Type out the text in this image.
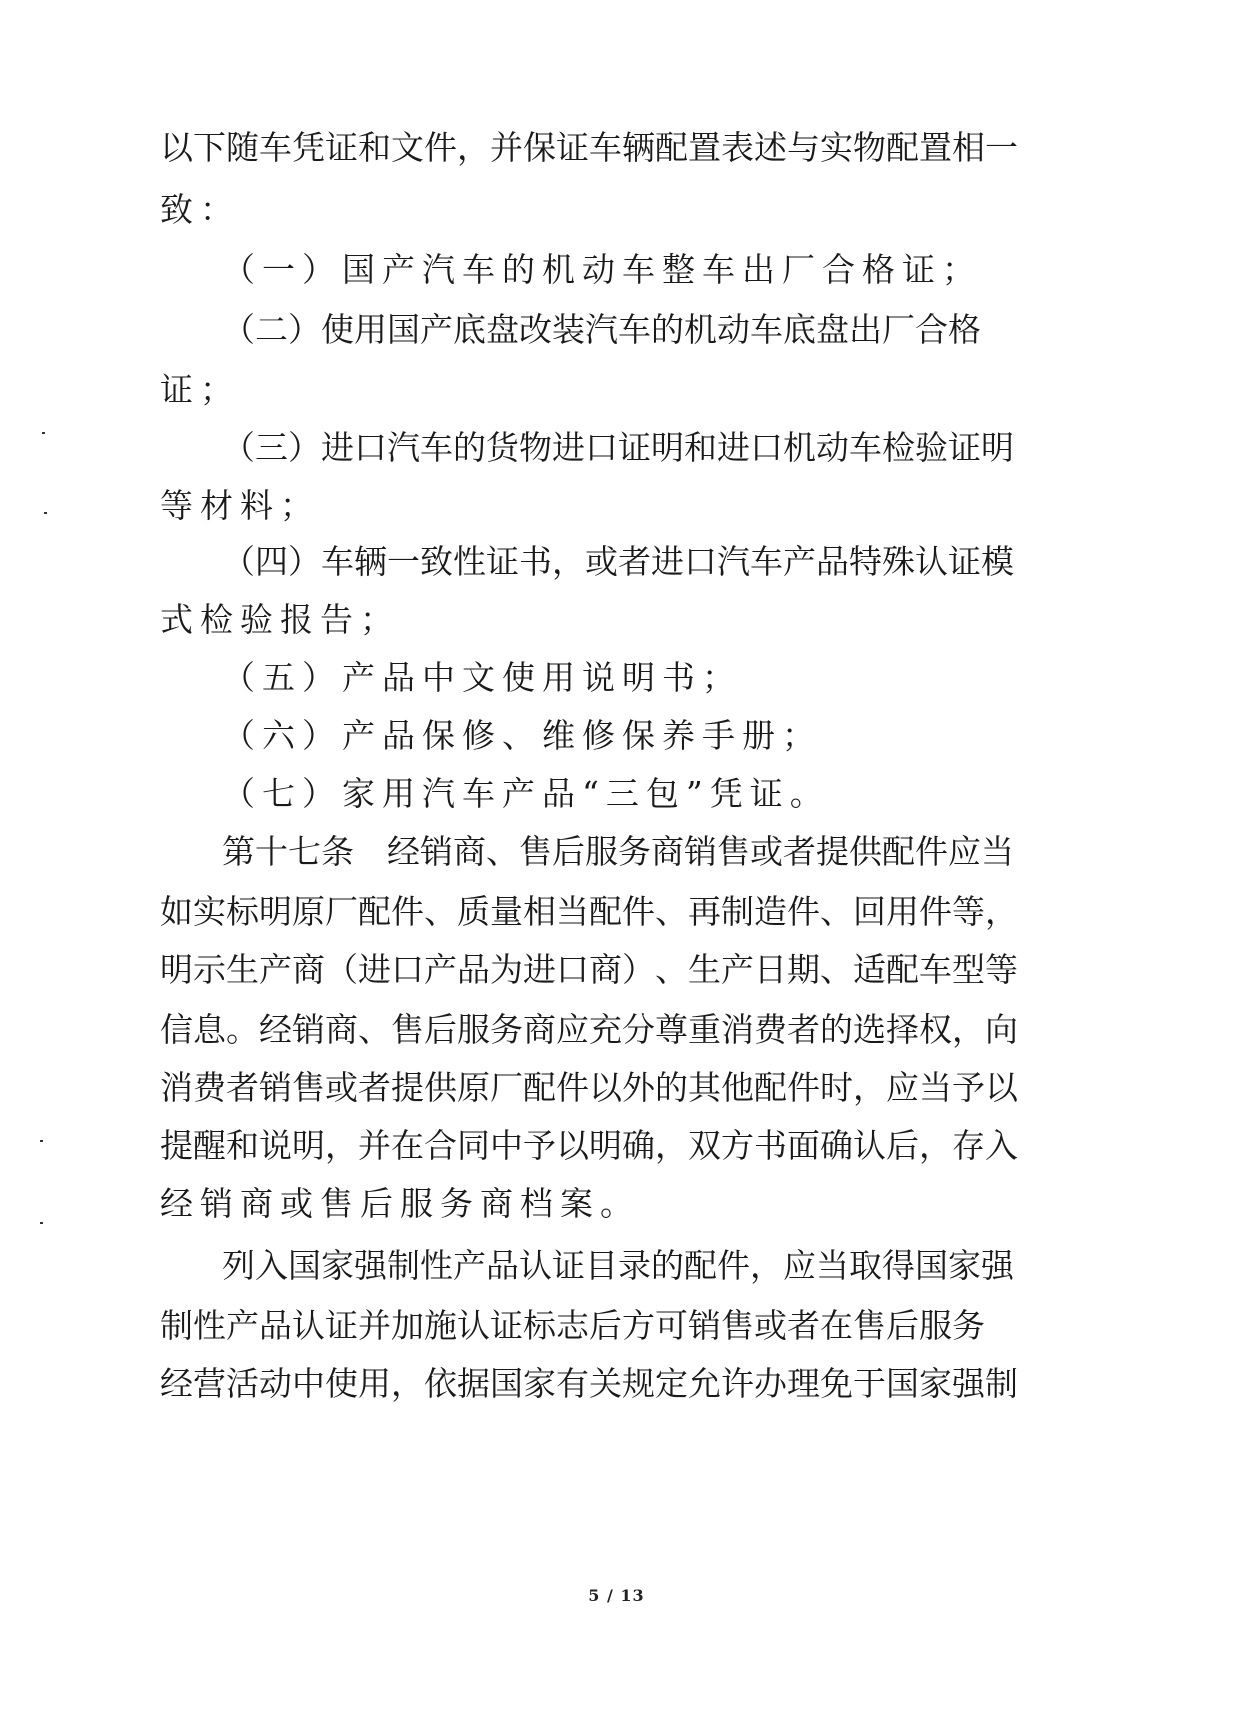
以 下 随 车 凭 证 和 文 件 ， 并 保 证 车 辆 配 置 表 述 与 实 物 配 置 相 一
致：
（一）国产汽车的机动车整车出厂合格证；
（ 二 ） 使 用 国 产 底 盘 改 装 汽 车 的 机 动 车 底 盘 出 厂 合 格
证；
（ 三 ） 进 口 汽 车 的 货 物 进 口 证 明 和 进 口 机 动 车 检 验 证 明
等材料；
（ 四 ） 车 辆 一 致 性 证 书 ， 或 者 进 口 汽 车 产 品 特 殊 认 证 模
式检验报告；
（五）产品中文使用说明书；
（六）产品保修、维修保养手册；
（七）家用汽车产品“三包”凭证。
第 十 七 条
　 经 销 商 、 售 后 服 务 商 销 售 或 者 提 供 配 件 应 当
如 实 标 明 原 厂 配 件 、 质 量 相 当 配 件 、 再 制 造 件 、 回 用 件 等 ，
明 示 生 产 商 （ 进 口 产 品 为 进 口 商 ） 、 生 产 日 期 、 适 配 车 型 等
信 息 。 经 销 商 、 售 后 服 务 商 应 充 分 尊 重 消 费 者 的 选 择 权 ， 向
消 费 者 销 售 或 者 提 供 原 厂 配 件 以 外 的 其 他 配 件 时 ， 应 当 予 以
提 醒 和 说 明 ， 并 在 合 同 中 予 以 明 确 ， 双 方 书 面 确 认 后 ， 存 入
经销商或售后服务商档案。
列 入 国 家 强 制 性 产 品 认 证 目 录 的 配 件 ， 应 当 取 得 国 家 强
制 性 产 品 认 证 并 加 施 认 证 标 志 后 方 可 销 售 或 者 在 售 后 服 务
经 营 活 动 中 使 用 ， 依 据 国 家 有 关 规 定 允 许 办 理 免 于 国 家 强 制
5 / 13
